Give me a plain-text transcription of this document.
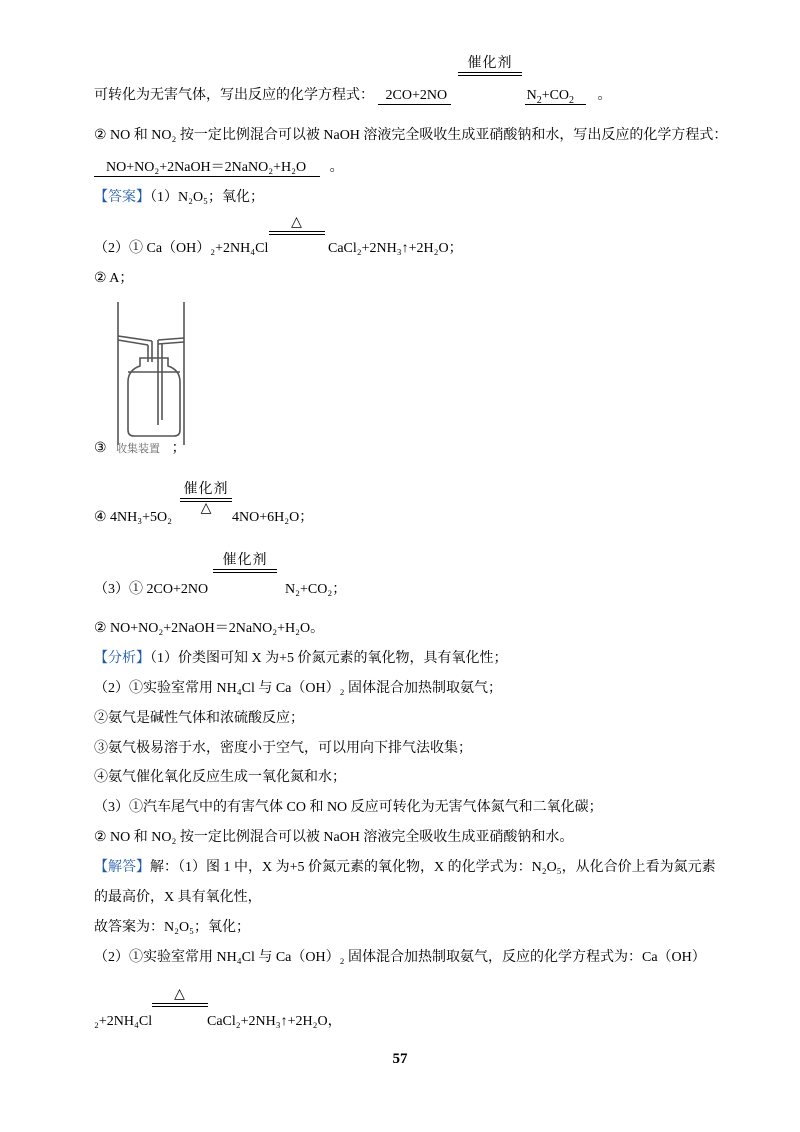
催化剂
可转化为无害气体，写出反应的化学方程式： 2CO+2NO	$N_2+CO_2$ 。
② NO 和 NO₂ 按一定比例混合可以被 NaOH 溶液完全吸收生成亚硝酸钠和水，写出反应的化学方程式：
NO+NO₂+2NaOH＝2NaNO₂+H₂O 。
【答案】（1）N₂O₅；氧化；
△
（2）① Ca（OH）₂+2NH₄Cl	CaCl₂+2NH₃↑+2H₂O；
② A；
③ 收集装置 ；
催化剂
△
④ 4NH₃+5O₂	4NO+6H₂O；
催化剂
（3）① 2CO+2NO	N₂+CO₂；
② NO+NO₂+2NaOH＝2NaNO₂+H₂O。
【分析】（1）价类图可知 X 为+5 价氮元素的氧化物，具有氧化性；
（2）①实验室常用 NH₄Cl 与 Ca（OH）₂ 固体混合加热制取氨气；
②氨气是碱性气体和浓硫酸反应；
③氨气极易溶于水，密度小于空气，可以用向下排气法收集；
④氨气催化氧化反应生成一氧化氮和水；
（3）①汽车尾气中的有害气体 CO 和 NO 反应可转化为无害气体氮气和二氧化碳；
② NO 和 NO₂ 按一定比例混合可以被 NaOH 溶液完全吸收生成亚硝酸钠和水。
【解答】解：（1）图 1 中，X 为+5 价氮元素的氧化物，X 的化学式为：N₂O₅，从化合价上看为氮元素
的最高价，X 具有氧化性，
故答案为：N₂O₅；氧化；
（2）①实验室常用 NH₄Cl 与 Ca（OH）₂ 固体混合加热制取氨气，反应的化学方程式为：Ca（OH）
△
₂+2NH₄Cl	CaCl₂+2NH₃↑+2H₂O，
57
